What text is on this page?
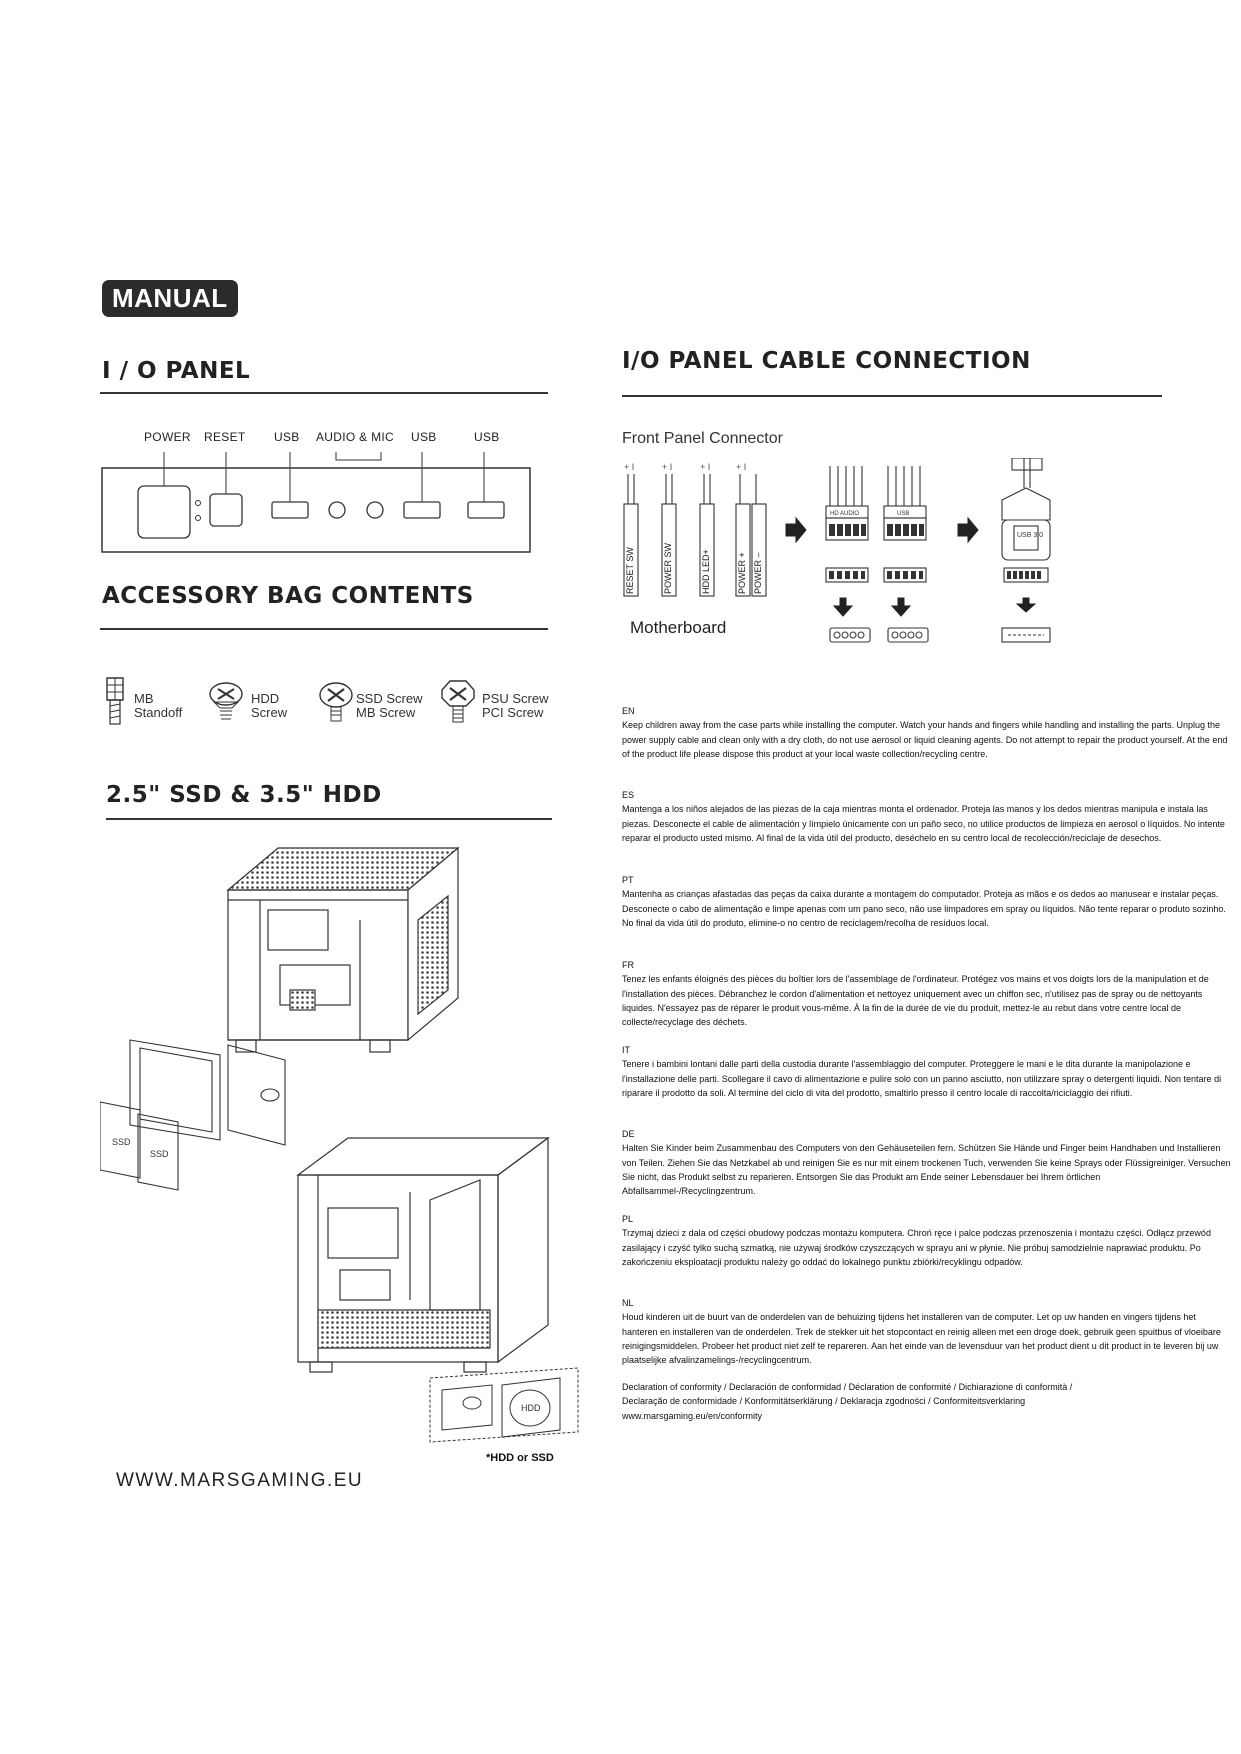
MANUAL
I / O PANEL
POWER RESET USB AUDIO & MIC USB	USB
ACCESSORY BAG CONTENTS
MB
Standoff
HDD
Screw
SSD Screw
MB Screw
PSU Screw
PCI Screw
2.5" SSD & 3.5" HDD
SSD
SSD
HDD
*HDD or SSD
WWW.MARSGAMING.EU
I/O PANEL CABLE CONNECTION
Front Panel Connector
+ I	+ I	+ I	+ I
Motherboard
HD AUDIO	USB
USB 3.0
EN
Keep children away from the case parts while installing the computer. Watch your hands and fingers while handling and installing the parts. Unplug the power supply cable and clean only with a dry cloth, do not use aerosol or liquid cleaning agents. Do not attempt to repair the product yourself. At the end of the product life please dispose this product at your local waste collection/recycling centre.
ES
Mantenga a los niños alejados de las piezas de la caja mientras monta el ordenador. Proteja las manos y los dedos mientras manipula e instala las piezas. Desconecte el cable de alimentación y límpielo únicamente con un paño seco, no utilice productos de limpieza en aerosol o líquidos. No intente reparar el producto usted mismo. Al final de la vida útil del producto, deséchelo en su centro local de recolección/reciclaje de desechos.
PT
Mantenha as crianças afastadas das peças da caixa durante a montagem do computador. Proteja as mãos e os dedos ao manusear e instalar peças. Desconecte o cabo de alimentação e limpe apenas com um pano seco, não use limpadores em spray ou líquidos. Não tente reparar o produto sozinho. No final da vida útil do produto, elimine-o no centro de reciclagem/recolha de resíduos local.
FR
Tenez les enfants éloignés des pièces du boîtier lors de l'assemblage de l'ordinateur. Protégez vos mains et vos doigts lors de la manipulation et de l'installation des pièces. Débranchez le cordon d'alimentation et nettoyez uniquement avec un chiffon sec, n'utilisez pas de spray ou de nettoyants liquides. N'essayez pas de réparer le produit vous-même. À la fin de la durée de vie du produit, mettez-le au rebut dans votre centre local de collecte/recyclage des déchets.
IT
Tenere i bambini lontani dalle parti della custodia durante l'assemblaggio del computer. Proteggere le mani e le dita durante la manipolazione e l'installazione delle parti. Scollegare il cavo di alimentazione e pulire solo con un panno asciutto, non utilizzare spray o detergenti liquidi. Non tentare di riparare il prodotto da soli. Al termine del ciclo di vita del prodotto, smaltirlo presso il centro locale di raccolta/riciclaggio dei rifiuti.
DE
Halten Sie Kinder beim Zusammenbau des Computers von den Gehäuseteilen fern. Schützen Sie Hände und Finger beim Handhaben und Installieren von Teilen. Ziehen Sie das Netzkabel ab und reinigen Sie es nur mit einem trockenen Tuch, verwenden Sie keine Sprays oder Flüssigreiniger. Versuchen Sie nicht, das Produkt selbst zu reparieren. Entsorgen Sie das Produkt am Ende seiner Lebensdauer bei Ihrem örtlichen Abfallsammel-/Recyclingzentrum.
PL
Trzymaj dzieci z dala od części obudowy podczas montażu komputera. Chroń ręce i palce podczas przenoszenia i montażu części. Odłącz przewód zasilający i czyść tylko suchą szmatką, nie używaj środków czyszczących w sprayu ani w płynie. Nie próbuj samodzielnie naprawiać produktu. Po zakończeniu eksploatacji produktu należy go oddać do lokalnego punktu zbiórki/recyklingu odpadów.
NL
Houd kinderen uit de buurt van de onderdelen van de behuizing tijdens het installeren van de computer. Let op uw handen en vingers tijdens het hanteren en installeren van de onderdelen. Trek de stekker uit het stopcontact en reinig alleen met een droge doek, gebruik geen spuitbus of vloeibare reinigingsmiddelen. Probeer het product niet zelf te repareren. Aan het einde van de levensduur van het product dient u dit product in te leveren bij uw plaatselijke afvalinzamelings-/recyclingcentrum.
Declaration of conformity / Declaración de conformidad / Déclaration de conformité / Dichiarazione di conformità /
Declaração de conformidade / Konformitätserklärung / Deklaracja zgodności / Conformiteitsverklaring
www.marsgaming.eu/en/conformity
